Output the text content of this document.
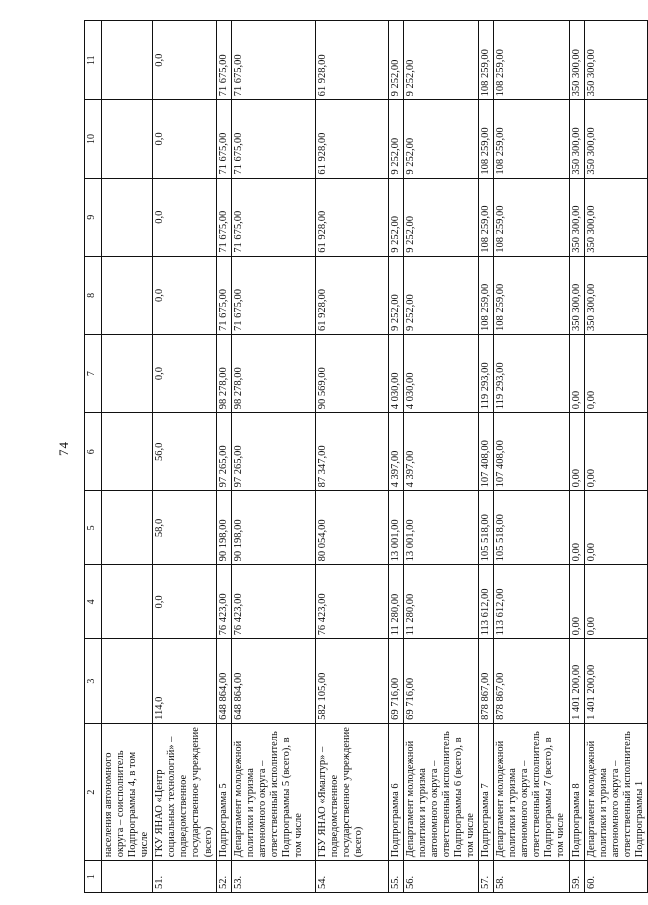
74
1	2	3	4	5	6	7	8	9	10	11
	населения автономного округа – соисполнитель Подпрограммы 4, в том числе	

51.	ГКУ ЯНАО «Центр социальных технологий» – подведомственное государственное учреждение (всего)	114,0	0,0	58,0	56,0	0,0	0,0	0,0	0,0	0,0

52.	Подпрограмма 5	648 864,00	76 423,00	90 198,00	97 265,00	98 278,00	71 675,00	71 675,00	71 675,00	71 675,00

53.	Департамент молодежной политики и туризма автономного округа – ответственный исполнитель Подпрограммы 5 (всего), в том числе	648 864,00	76 423,00	90 198,00	97 265,00	98 278,00	71 675,00	71 675,00	71 675,00	71 675,00

54.	ГБУ ЯНАО «Ямалтур» – подведомственное государственное учреждение (всего)	582 105,00	76 423,00	80 054,00	87 347,00	90 569,00	61 928,00	61 928,00	61 928,00	61 928,00

55.	Подпрограмма 6	69 716,00	11 280,00	13 001,00	4 397,00	4 030,00	9 252,00	9 252,00	9 252,00	9 252,00

56.	Департамент молодежной политики и туризма автономного округа – ответственный исполнитель Подпрограммы 6 (всего), в том числе	69 716,00	11 280,00	13 001,00	4 397,00	4 030,00	9 252,00	9 252,00	9 252,00	9 252,00

57.	Подпрограмма 7	878 867,00	113 612,00	105 518,00	107 408,00	119 293,00	108 259,00	108 259,00	108 259,00	108 259,00

58.	Департамент молодежной политики и туризма автономного округа – ответственный исполнитель Подпрограммы 7 (всего), в том числе	878 867,00	113 612,00	105 518,00	107 408,00	119 293,00	108 259,00	108 259,00	108 259,00	108 259,00

59.	Подпрограмма 8	1 401 200,00	0,00	0,00	0,00	0,00	350 300,00	350 300,00	350 300,00	350 300,00

60.	Департамент молодежной политики и туризма автономного округа – ответственный исполнитель Подпрограммы 1	1 401 200,00	0,00	0,00	0,00	0,00	350 300,00	350 300,00	350 300,00	350 300,00
